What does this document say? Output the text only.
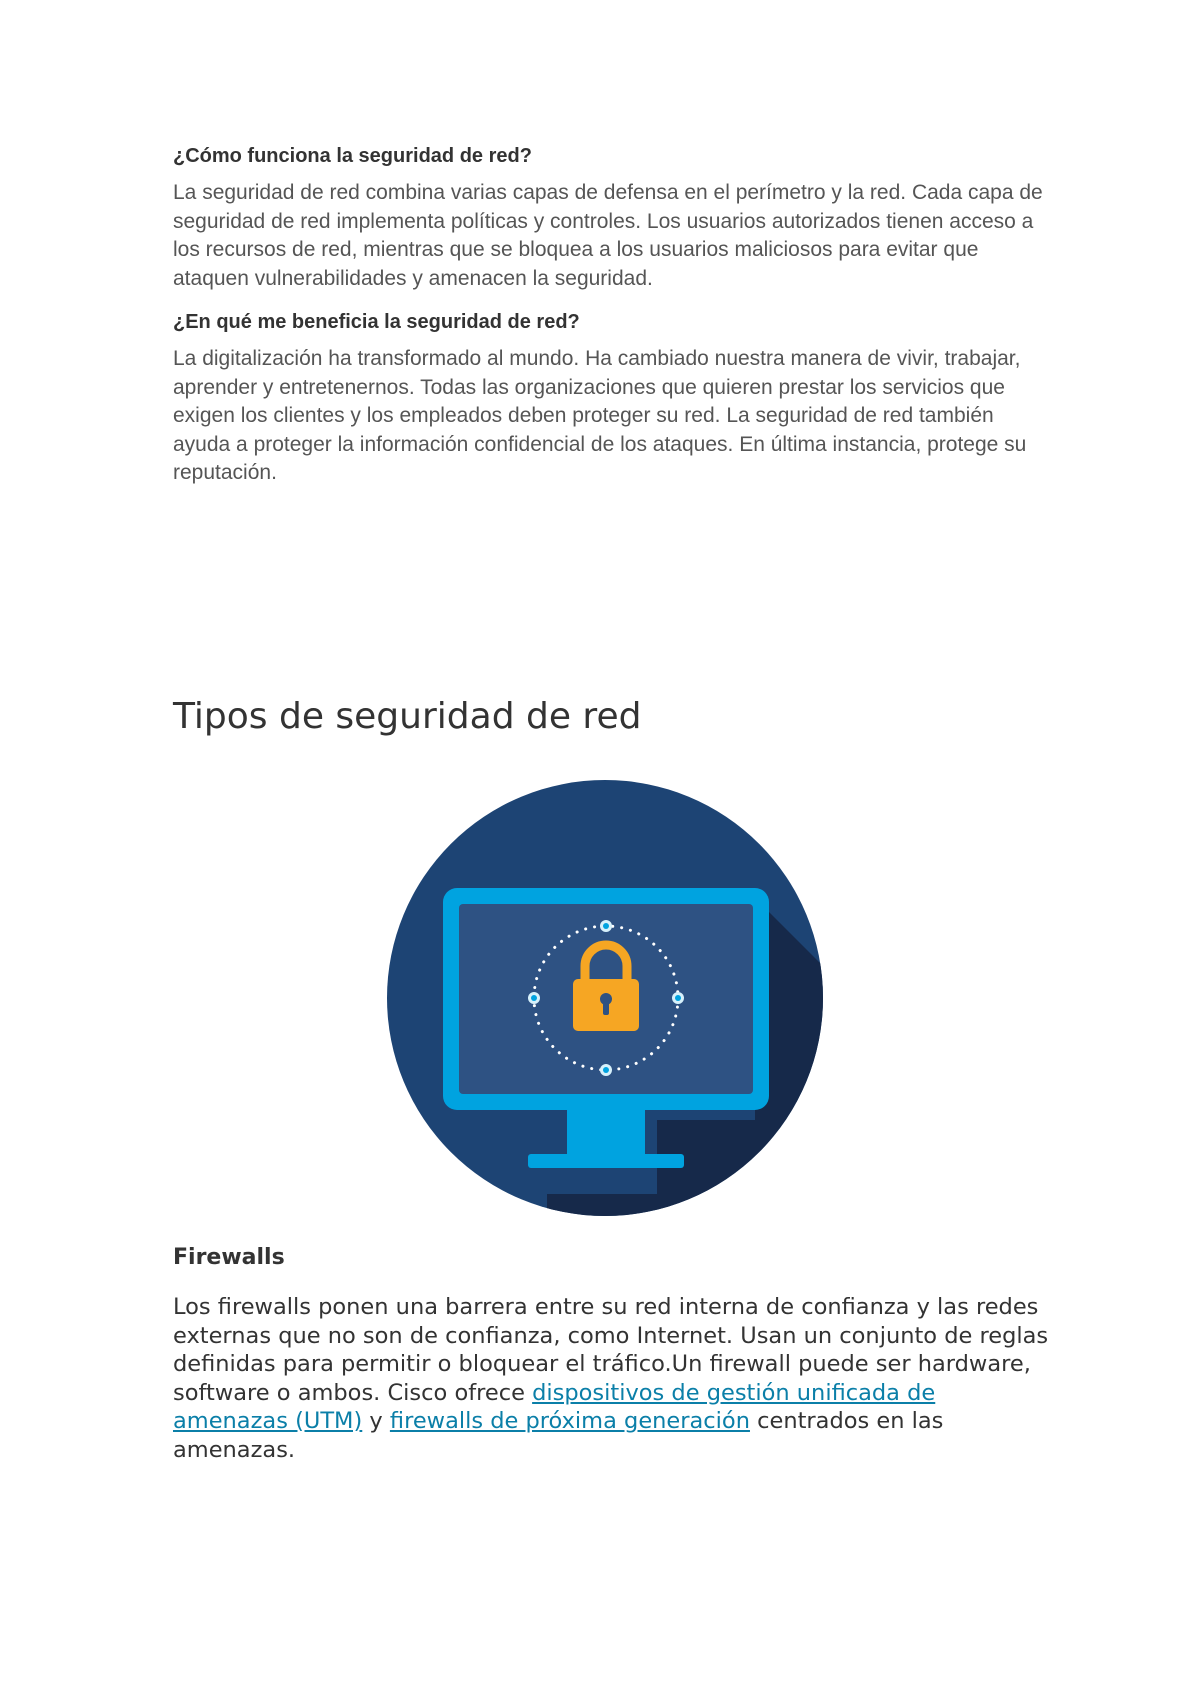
¿Cómo funciona la seguridad de red?

La seguridad de red combina varias capas de defensa en el perímetro y la red. Cada capa de seguridad de red implementa políticas y controles. Los usuarios autorizados tienen acceso a los recursos de red, mientras que se bloquea a los usuarios maliciosos para evitar que ataquen vulnerabilidades y amenacen la seguridad.

¿En qué me beneficia la seguridad de red?

La digitalización ha transformado al mundo. Ha cambiado nuestra manera de vivir, trabajar, aprender y entretenernos. Todas las organizaciones que quieren prestar los servicios que exigen los clientes y los empleados deben proteger su red. La seguridad de red también ayuda a proteger la información confidencial de los ataques. En última instancia, protege su reputación.

Tipos de seguridad de red
Firewalls

Los firewalls ponen una barrera entre su red interna de confianza y las redes externas que no son de confianza, como Internet. Usan un conjunto de reglas definidas para permitir o bloquear el tráfico.Un firewall puede ser hardware, software o ambos. Cisco ofrece dispositivos de gestión unificada de amenazas (UTM) y firewalls de próxima generación centrados en las amenazas.
